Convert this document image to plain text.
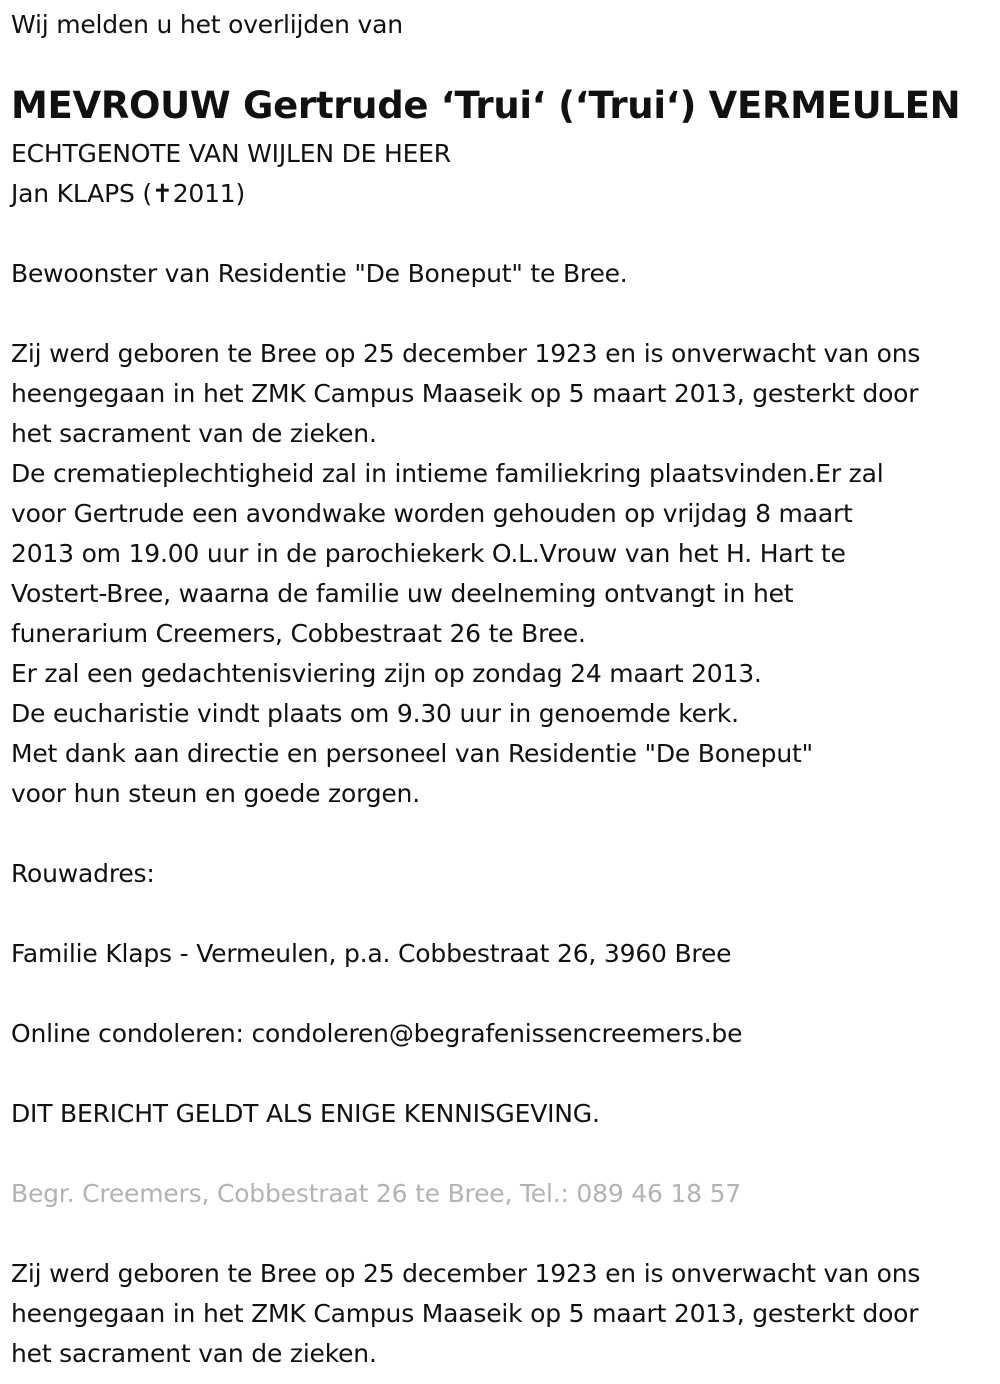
Wij melden u het overlijden van
MEVROUW Gertrude ‘Trui‘ (‘Trui‘) VERMEULEN
ECHTGENOTE VAN WIJLEN DE HEER
Jan KLAPS (✝2011)
Bewoonster van Residentie "De Boneput" te Bree.
Zij werd geboren te Bree op 25 december 1923 en is onverwacht van ons
heengegaan in het ZMK Campus Maaseik op 5 maart 2013, gesterkt door
het sacrament van de zieken.
De crematieplechtigheid zal in intieme familiekring plaatsvinden.Er zal
voor Gertrude een avondwake worden gehouden op vrijdag 8 maart
2013 om 19.00 uur in de parochiekerk O.L.Vrouw van het H. Hart te
Vostert-Bree, waarna de familie uw deelneming ontvangt in het
funerarium Creemers, Cobbestraat 26 te Bree.
Er zal een gedachtenisviering zijn op zondag 24 maart 2013.
De eucharistie vindt plaats om 9.30 uur in genoemde kerk.
Met dank aan directie en personeel van Residentie "De Boneput"
voor hun steun en goede zorgen.
Rouwadres:
Familie Klaps - Vermeulen, p.a. Cobbestraat 26, 3960 Bree
Online condoleren: condoleren@begrafenissencreemers.be
DIT BERICHT GELDT ALS ENIGE KENNISGEVING.
Begr. Creemers, Cobbestraat 26 te Bree, Tel.: 089 46 18 57
Zij werd geboren te Bree op 25 december 1923 en is onverwacht van ons
heengegaan in het ZMK Campus Maaseik op 5 maart 2013, gesterkt door
het sacrament van de zieken.
